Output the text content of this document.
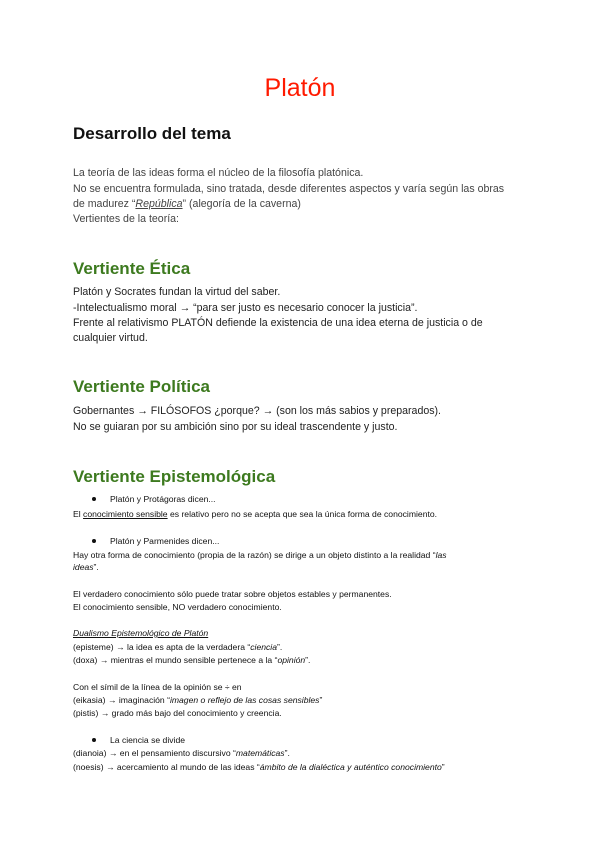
Platón
Desarrollo del tema
La teoría de las ideas forma el núcleo de la filosofía platónica.
No se encuentra formulada, sino tratada, desde diferentes aspectos y varía según las obras
de madurez “República” (alegoría de la caverna)
Vertientes de la teoría:
Vertiente Ética
Platón y Socrates fundan la virtud del saber.
-Intelectualismo moral → “para ser justo es necesario conocer la justicia”.
Frente al relativismo PLATÓN defiende la existencia de una idea eterna de justicia o de
cualquier virtud.
Vertiente Política
Gobernantes → FILÓSOFOS ¿porque? → (son los más sabios y preparados).
No se guiaran por su ambición sino por su ideal trascendente y justo.
Vertiente Epistemológica
Platón y Protágoras dicen...
El conocimiento sensible es relativo pero no se acepta que sea la única forma de conocimiento.
Platón y Parmenides dicen...
Hay otra forma de conocimiento (propia de la razón) se dirige a un objeto distinto a la realidad “las
ideas”.
El verdadero conocimiento sólo puede tratar sobre objetos estables y permanentes.
El conocimiento sensible, NO verdadero conocimiento.
Dualismo Epistemológico de Platón
(episteme) → la idea es apta de la verdadera “ciencia”.
(doxa) → mientras el mundo sensible pertenece a la “opinión”.
Con el símil de la línea de la opinión se ÷ en
(eikasia) → imaginación “imagen o reflejo de las cosas sensibles”
(pistis) → grado más bajo del conocimiento y creencia.
La ciencia se divide
(dianoia) → en el pensamiento discursivo “matemáticas”.
(noesis) → acercamiento al mundo de las ideas “ámbito de la dialéctica y auténtico conocimiento”
